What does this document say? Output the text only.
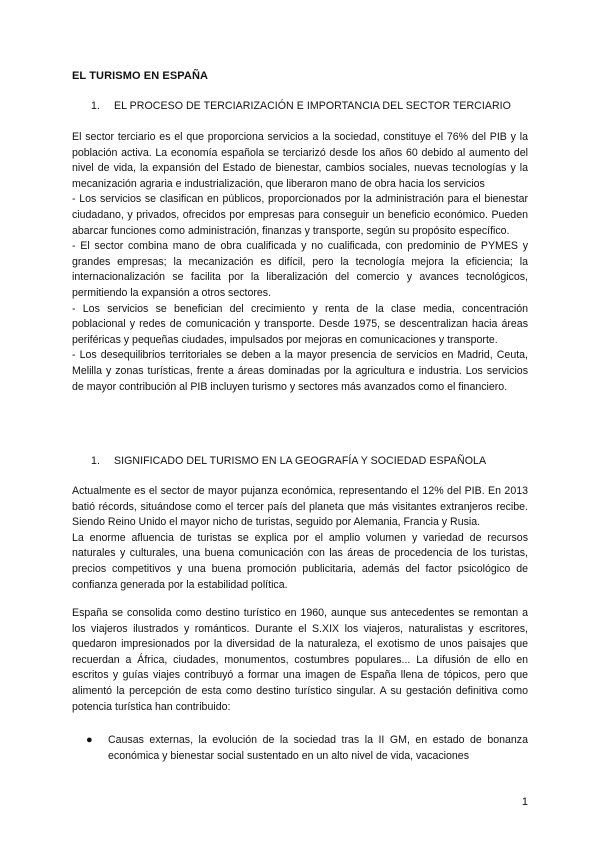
EL TURISMO EN ESPAÑA
1. EL PROCESO DE TERCIARIZACIÓN E IMPORTANCIA DEL SECTOR TERCIARIO

El sector terciario es el que proporciona servicios a la sociedad, constituye el 76% del PIB y la población activa. La economía española se terciarizó desde los años 60 debido al aumento del nivel de vida, la expansión del Estado de bienestar, cambios sociales, nuevas tecnologías y la mecanización agraria e industrialización, que liberaron mano de obra hacia los servicios

- Los servicios se clasifican en públicos, proporcionados por la administración para el bienestar ciudadano, y privados, ofrecidos por empresas para conseguir un beneficio económico. Pueden abarcar funciones como administración, finanzas y transporte, según su propósito específico.

- El sector combina mano de obra cualificada y no cualificada, con predominio de PYMES y grandes empresas; la mecanización es difícil, pero la tecnología mejora la eficiencia; la internacionalización se facilita por la liberalización del comercio y avances tecnológicos, permitiendo la expansión a otros sectores.

- Los servicios se benefician del crecimiento y renta de la clase media, concentración poblacional y redes de comunicación y transporte. Desde 1975, se descentralizan hacia áreas periféricas y pequeñas ciudades, impulsados por mejoras en comunicaciones y transporte.

- Los desequilibrios territoriales se deben a la mayor presencia de servicios en Madrid, Ceuta, Melilla y zonas turísticas, frente a áreas dominadas por la agricultura e industria. Los servicios de mayor contribución al PIB incluyen turismo y sectores más avanzados como el financiero.

1. SIGNIFICADO DEL TURISMO EN LA GEOGRAFÍA Y SOCIEDAD ESPAÑOLA

Actualmente es el sector de mayor pujanza económica, representando el 12% del PIB. En 2013 batió récords, situándose como el tercer país del planeta que más visitantes extranjeros recibe. Siendo Reino Unido el mayor nicho de turistas, seguido por Alemania, Francia y Rusia.

La enorme afluencia de turistas se explica por el amplio volumen y variedad de recursos naturales y culturales, una buena comunicación con las áreas de procedencia de los turistas, precios competitivos y una buena promoción publicitaria, además del factor psicológico de confianza generada por la estabilidad política.

España se consolida como destino turístico en 1960, aunque sus antecedentes se remontan a los viajeros ilustrados y románticos. Durante el S.XIX los viajeros, naturalistas y escritores, quedaron impresionados por la diversidad de la naturaleza, el exotismo de unos paisajes que recuerdan a África, ciudades, monumentos, costumbres populares... La difusión de ello en escritos y guías viajes contribuyó a formar una imagen de España llena de tópicos, pero que alimentó la percepción de esta como destino turístico singular. A su gestación definitiva como potencia turística han contribuido:

● Causas externas, la evolución de la sociedad tras la II GM, en estado de bonanza económica y bienestar social sustentado en un alto nivel de vida, vacaciones
1
